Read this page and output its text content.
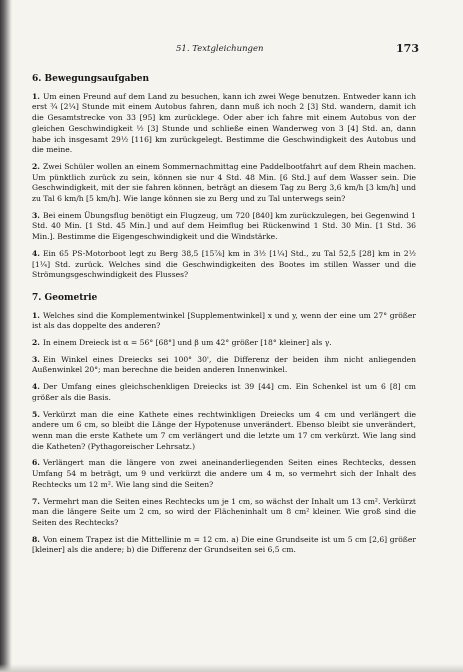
51. Textgleichungen	173
6. Bewegungsaufgaben

1. Um einen Freund auf dem Land zu besuchen, kann ich zwei Wege benutzen. Entweder kann ich erst ¾ [2¼] Stunde mit einem Autobus fahren, dann muß ich noch 2 [3] Std. wandern, damit ich die Gesamtstrecke von 33 [95] km zurücklege. Oder aber ich fahre mit einem Autobus von der gleichen Geschwindigkeit ½ [3] Stunde und schließe einen Wanderweg von 3 [4] Std. an, dann habe ich insgesamt 29½ [116] km zurückgelegt. Bestimme die Geschwindigkeit des Autobus und die meine.

2. Zwei Schüler wollen an einem Sommernachmittag eine Paddelbootfahrt auf dem Rhein machen. Um pünktlich zurück zu sein, können sie nur 4 Std. 48 Min. [6 Std.] auf dem Wasser sein. Die Geschwindigkeit, mit der sie fahren können, beträgt an diesem Tag zu Berg 3,6 km/h [3 km/h] und zu Tal 6 km/h [5 km/h]. Wie lange können sie zu Berg und zu Tal unterwegs sein?

3. Bei einem Übungsflug benötigt ein Flugzeug, um 720 [840] km zurückzulegen, bei Gegenwind 1 Std. 40 Min. [1 Std. 45 Min.] und auf dem Heimflug bei Rückenwind 1 Std. 30 Min. [1 Std. 36 Min.]. Bestimme die Eigengeschwindigkeit und die Windstärke.

4. Ein 65 PS-Motorboot legt zu Berg 38,5 [15⅞] km in 3½ [1¼] Std., zu Tal 52,5 [28] km in 2½ [1¼] Std. zurück. Welches sind die Geschwindigkeiten des Bootes im stillen Wasser und die Strömungsgeschwindigkeit des Flusses?

7. Geometrie

1. Welches sind die Komplementwinkel [Supplementwinkel] x und y, wenn der eine um 27° größer ist als das doppelte des anderen?

2. In einem Dreieck ist α = 56° [68°] und β um 42° größer [18° kleiner] als γ.

3. Ein Winkel eines Dreiecks sei 100° 30', die Differenz der beiden ihm nicht anliegenden Außenwinkel 20°; man berechne die beiden anderen Innenwinkel.

4. Der Umfang eines gleichschenkligen Dreiecks ist 39 [44] cm. Ein Schenkel ist um 6 [8] cm größer als die Basis.

5. Verkürzt man die eine Kathete eines rechtwinkligen Dreiecks um 4 cm und verlängert die andere um 6 cm, so bleibt die Länge der Hypotenuse unverändert. Ebenso bleibt sie unverändert, wenn man die erste Kathete um 7 cm verlängert und die letzte um 17 cm verkürzt. Wie lang sind die Katheten? (Pythagoreischer Lehrsatz.)

6. Verlängert man die längere von zwei aneinanderliegenden Seiten eines Rechtecks, dessen Umfang 54 m beträgt, um 9 und verkürzt die andere um 4 m, so vermehrt sich der Inhalt des Rechtecks um 12 m². Wie lang sind die Seiten?

7. Vermehrt man die Seiten eines Rechtecks um je 1 cm, so wächst der Inhalt um 13 cm². Verkürzt man die längere Seite um 2 cm, so wird der Flächeninhalt um 8 cm² kleiner. Wie groß sind die Seiten des Rechtecks?

8. Von einem Trapez ist die Mittellinie m = 12 cm. a) Die eine Grundseite ist um 5 cm [2,6] größer [kleiner] als die andere; b) die Differenz der Grundseiten sei 6,5 cm.
